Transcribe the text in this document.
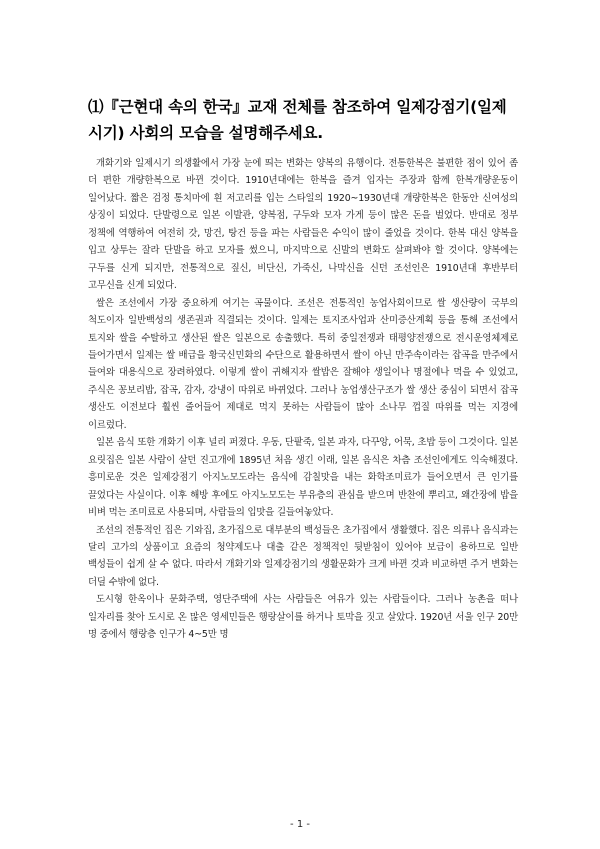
⑴『근현대 속의 한국』교재 전체를 참조하여 일제강점기(일제시기) 사회의 모습을 설명해주세요.

개화기와 일제시기 의생활에서 가장 눈에 띄는 변화는 양복의 유행이다. 전통한복은 불편한 점이 있어 좀 더 편한 개량한복으로 바뀐 것이다. 1910년대에는 한복을 즐겨 입자는 주장과 함께 한복개량운동이 일어났다. 짧은 검정 통치마에 흰 저고리를 입는 스타일의 1920~1930년대 개량한복은 한동안 신여성의 상징이 되었다. 단발령으로 일본 이발관, 양복점, 구두와 모자 가게 등이 많은 돈을 벌었다. 반대로 정부 정책에 역행하여 여전히 갓, 망건, 탕건 등을 파는 사람들은 수익이 많이 줄었을 것이다. 한복 대신 양복을 입고 상투는 잘라 단발을 하고 모자를 썼으니, 마지막으로 신발의 변화도 살펴봐야 할 것이다. 양복에는 구두를 신게 되지만, 전통적으로 짚신, 비단신, 가죽신, 나막신을 신던 조선인은 1910년대 후반부터 고무신을 신게 되었다.

쌀은 조선에서 가장 중요하게 여기는 곡물이다. 조선은 전통적인 농업사회이므로 쌀 생산량이 국부의 척도이자 일반백성의 생존권과 직결되는 것이다. 일제는 토지조사업과 산미증산계획 등을 통해 조선에서 토지와 쌀을 수탈하고 생산된 쌀은 일본으로 송출했다. 특히 중일전쟁과 태평양전쟁으로 전시운영체제로 들어가면서 일제는 쌀 배급을 황국신민화의 수단으로 활용하면서 쌀이 아닌 만주속이라는 잡곡을 만주에서 들여와 대용식으로 장려하였다. 이렇게 쌀이 귀해지자 쌀밥은 잘해야 생일이나 명절에나 먹을 수 있었고, 주식은 꽁보리밥, 잡곡, 감자, 강냉이 따위로 바뀌었다. 그러나 농업생산구조가 쌀 생산 중심이 되면서 잡곡 생산도 이전보다 훨씬 줄어들어 제대로 먹지 못하는 사람들이 많아 소나무 껍질 따위를 먹는 지경에 이르렀다.

일본 음식 또한 개화기 이후 널리 퍼졌다. 우동, 단팥죽, 일본 과자, 다꾸앙, 어묵, 초밥 등이 그것이다. 일본 요릿집은 일본 사람이 살던 진고개에 1895년 처음 생긴 이래, 일본 음식은 차츰 조선인에게도 익숙해졌다. 흥미로운 것은 일제강점기 아지노모도라는 음식에 감칠맛을 내는 화학조미료가 들어오면서 큰 인기를 끌었다는 사실이다. 이후 해방 후에도 아지노모도는 부유층의 관심을 받으며 반찬에 뿌리고, 왜간장에 밥을 비벼 먹는 조미료로 사용되며, 사람들의 입맛을 길들여놓았다.

조선의 전통적인 집은 기와집, 초가집으로 대부분의 백성들은 초가집에서 생활했다. 집은 의류나 음식과는 달리 고가의 상품이고 요즘의 청약제도나 대출 같은 정책적인 뒷받침이 있어야 보급이 용하므로 일반 백성들이 쉽게 살 수 없다. 따라서 개화기와 일제강점기의 생활문화가 크게 바뀐 것과 비교하면 주거 변화는 더딜 수밖에 없다.

도시형 한옥이나 문화주택, 영단주택에 사는 사람들은 여유가 있는 사람들이다. 그러나 농촌을 떠나 일자리를 찾아 도시로 온 많은 영세민들은 행랑살이를 하거나 토막을 짓고 살았다. 1920년 서울 인구 20만 명 중에서 행랑층 인구가 4~5만 명

- 1 -
